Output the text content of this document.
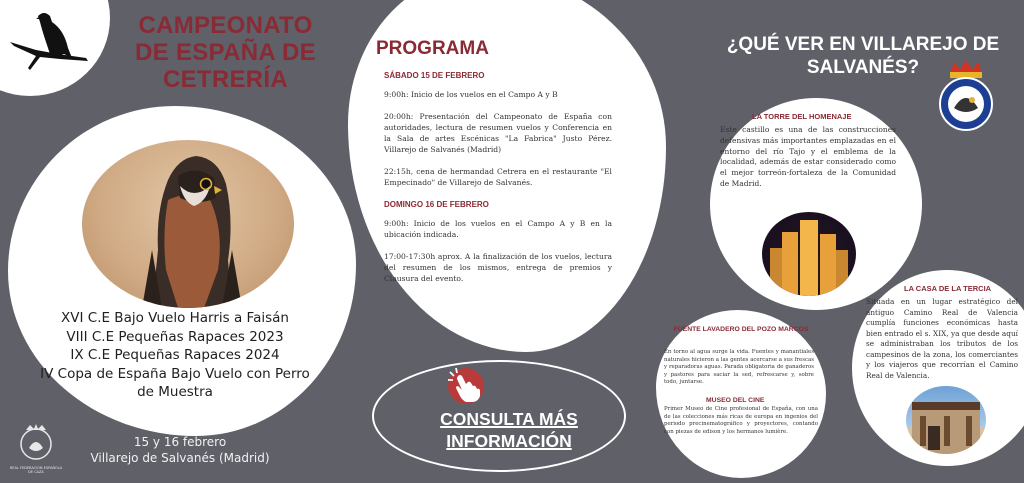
CAMPEONATO
DE ESPAÑA DE
CETRERÍA
XVI C.E Bajo Vuelo Harris a Faisán
VIII C.E Pequeñas Rapaces 2023
IX C.E Pequeñas Rapaces 2024
IV Copa de España Bajo Vuelo con Perro de Muestra
15 y 16 febrero
Villarejo de Salvanés (Madrid)
REAL FEDERACIÓN ESPAÑOLA DE CAZA
PROGRAMA
SÁBADO 15 DE FEBRERO

9:00h: Inicio de los vuelos en el Campo A y B

20:00h: Presentación del Campeonato de España con autoridades, lectura de resumen vuelos y Conferencia en la Sala de artes Escénicas "La Fabrica" Justo Pérez. Villarejo de Salvanés (Madrid)

22:15h, cena de hermandad Cetrera en el restaurante "El Empecinado" de Villarejo de Salvanés.

DOMINGO 16 DE FEBRERO

9:00h: Inicio de los vuelos en el Campo A y B en la ubicación indicada.

17:00-17:30h aprox. A la finalización de los vuelos, lectura del resumen de los mismos, entrega de premios y Clausura del evento.

CONSULTA MÁS INFORMACIÓN
¿QUÉ VER EN VILLAREJO DE SALVANÉS?
LA TORRE DEL HOMENAJE
Este castillo es una de las construcciones defensivas más importantes emplazadas en el entorno del río Tajo y el emblema de la localidad, además de estar considerado como el mejor torreón-fortaleza de la Comunidad de Madrid.
LA CASA DE LA TERCIA
Situada en un lugar estratégico del antiguo Camino Real de Valencia cumplía funciones económicas hasta bien entrado el s. XIX, ya que desde aquí se administraban los tributos de los campesinos de la zona, los comerciantes y los viajeros que recorrían el Camino Real de Valencia.
FUENTE LAVADERO DEL POZO MARCOS
En torno al agua surge la vida. Fuentes y manantiales naturales hicieron a las gentes acercarse a sus frescas y reparadoras aguas. Parada obligatoria de ganaderos y pastores para saciar la sed, refrescarse y, sobre todo, juntarse.
MUSEO DEL CINE
Primer Museo de Cine profesional de España, con una de las colecciones más ricas de europa en ingenios del periodo precinematográfico y proyectores, contando con piezas de edison y los hermanos lumière.
